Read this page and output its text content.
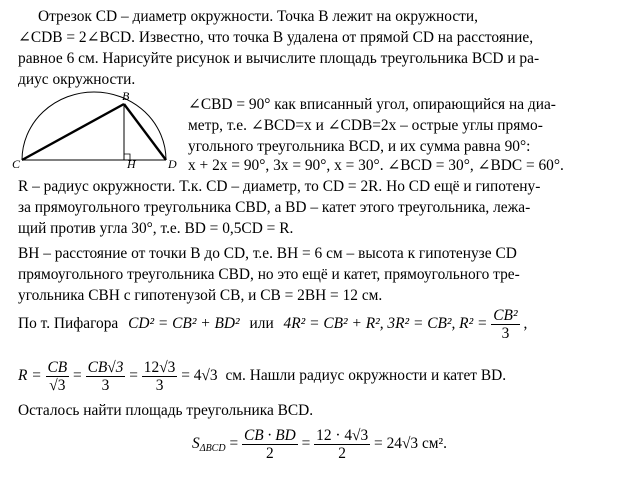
Отрезок CD – диаметр окружности. Точка B лежит на окружности,
∠CDB = 2∠BCD. Известно, что точка B удалена от прямой CD на расстояние,
равное 6 см. Нарисуйте рисунок и вычислите площадь треугольника BCD и ра-
диус окружности.
B
C	H	D
∠CBD = 90° как вписанный угол, опирающийся на диа-
метр, т.е. ∠BCD=x и ∠CDB=2x – острые углы прямо-
угольного треугольника BCD, и их сумма равна 90°:
x + 2x = 90°, 3x = 90°, x = 30°. ∠BCD = 30°, ∠BDC = 60°.
R – радиус окружности. Т.к. CD – диаметр, то CD = 2R. Но CD ещё и гипотену-
за прямоугольного треугольника CBD, а BD – катет этого треугольника, лежа-
щий против угла 30°, т.е. BD = 0,5CD = R.
BH – расстояние от точки B до CD, т.е. BH = 6 см – высота к гипотенузе CD
прямоугольного треугольника CBD, но это ещё и катет, прямоугольного тре-
угольника CBH с гипотенузой CB, и CB = 2BH = 12 см.
По т. Пифагора CD² = CB² + BD² или 4R² = CB² + R², 3R² = CB², $R^2 = \frac{\text{CB²}}{3}$ ,
$R = \frac{CB}{√3} = \frac{CB√3}{3} = \frac{12√3}{3} = 4√3$ см. Нашли радиус окружности и катет BD.
Осталось найти площадь треугольника BCD.
$S_{\Delta BCD} = \frac{CB \cdot BD}{2} = \frac{12 \cdot 4√3}{2} = 24√3$ см².
